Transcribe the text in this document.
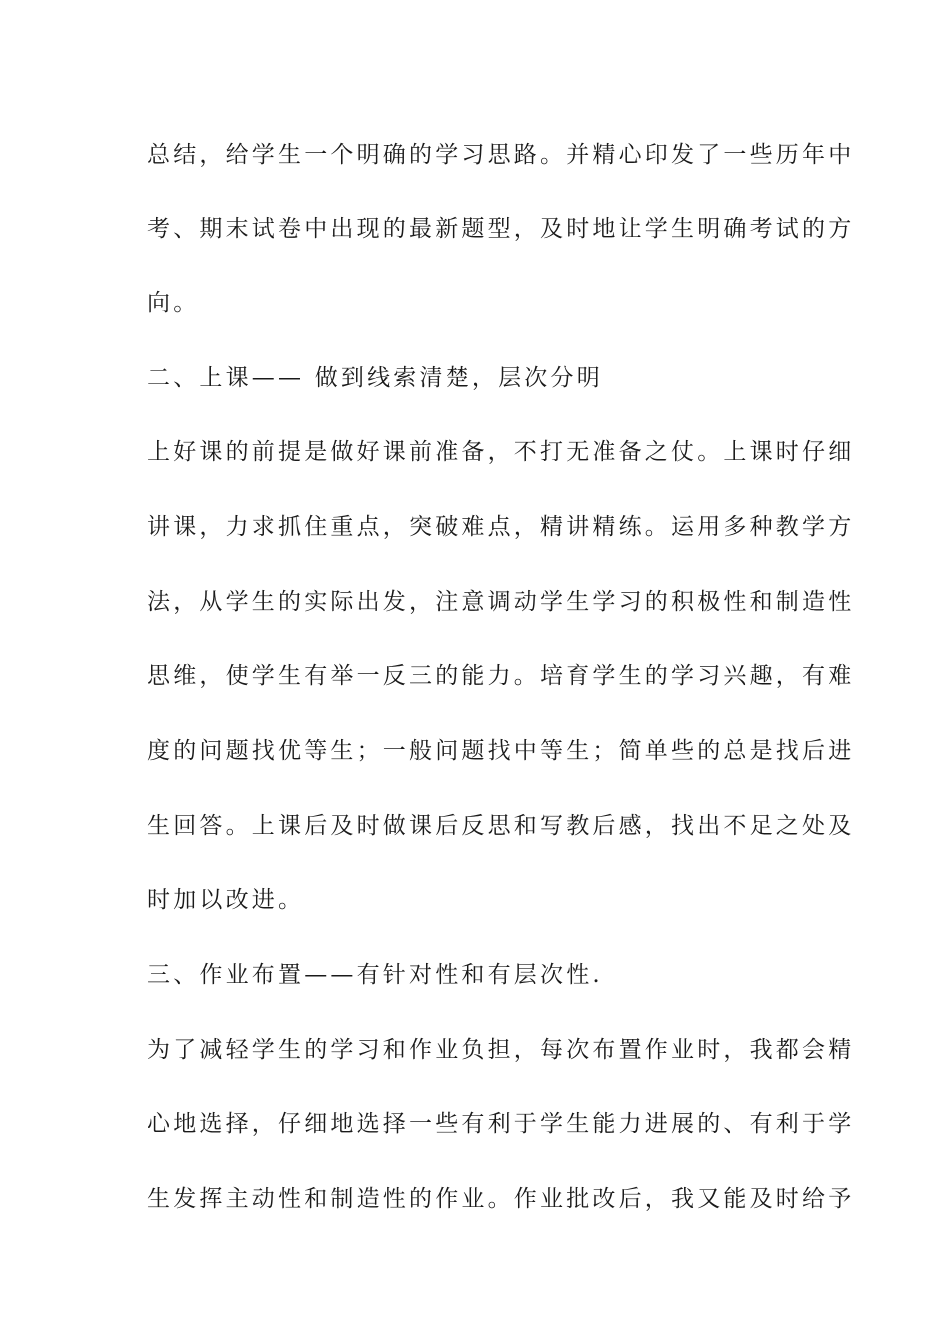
总结，给学生一个明确的学习思路。并精心印发了一些历年中
考、期末试卷中出现的最新题型，及时地让学生明确考试的方
向。
二、上课—— 做到线索清楚，层次分明
上好课的前提是做好课前准备，不打无准备之仗。上课时仔细
讲课，力求抓住重点，突破难点，精讲精练。运用多种教学方
法，从学生的实际出发，注意调动学生学习的积极性和制造性
思维，使学生有举一反三的能力。培育学生的学习兴趣，有难
度的问题找优等生；一般问题找中等生；简单些的总是找后进
生回答。上课后及时做课后反思和写教后感，找出不足之处及
时加以改进。
三、作业布置——有针对性和有层次性.
为了减轻学生的学习和作业负担，每次布置作业时，我都会精
心地选择，仔细地选择一些有利于学生能力进展的、有利于学
生发挥主动性和制造性的作业。作业批改后，我又能及时给予
